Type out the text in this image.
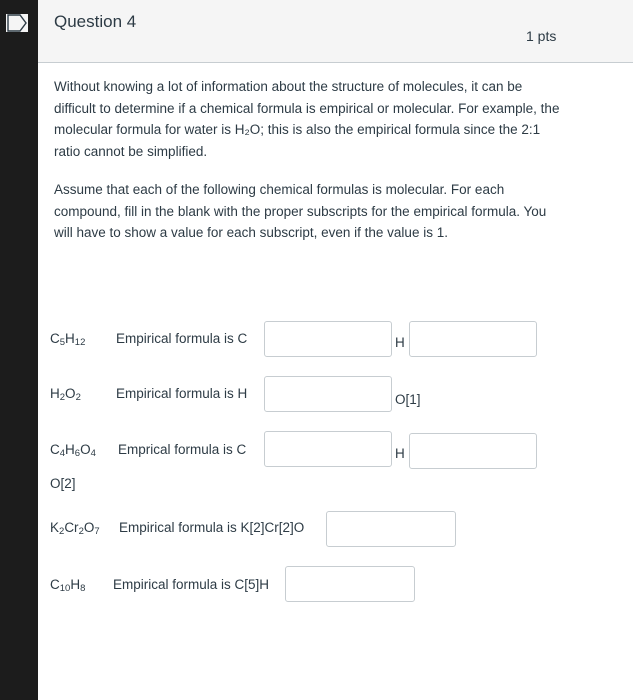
Question 4
1 pts
Without knowing a lot of information about the structure of molecules, it can be difficult to determine if a chemical formula is empirical or molecular. For example, the molecular formula for water is H₂O; this is also the empirical formula since the 2:1 ratio cannot be simplified.
Assume that each of the following chemical formulas is molecular. For each compound, fill in the blank with the proper subscripts for the empirical formula. You will have to show a value for each subscript, even if the value is 1.
$C_5H_{12}$ Empirical formula is C	H
$H_2O_2$	Empirical formula is H	O[1]
$C_4H_6O_4$ Emprical formula is C	H
O[2]
$K_2Cr_2O_7$ Empirical formula is K[2]Cr[2]O
$C_{10}H_8$ Empirical formula is C[5]H
